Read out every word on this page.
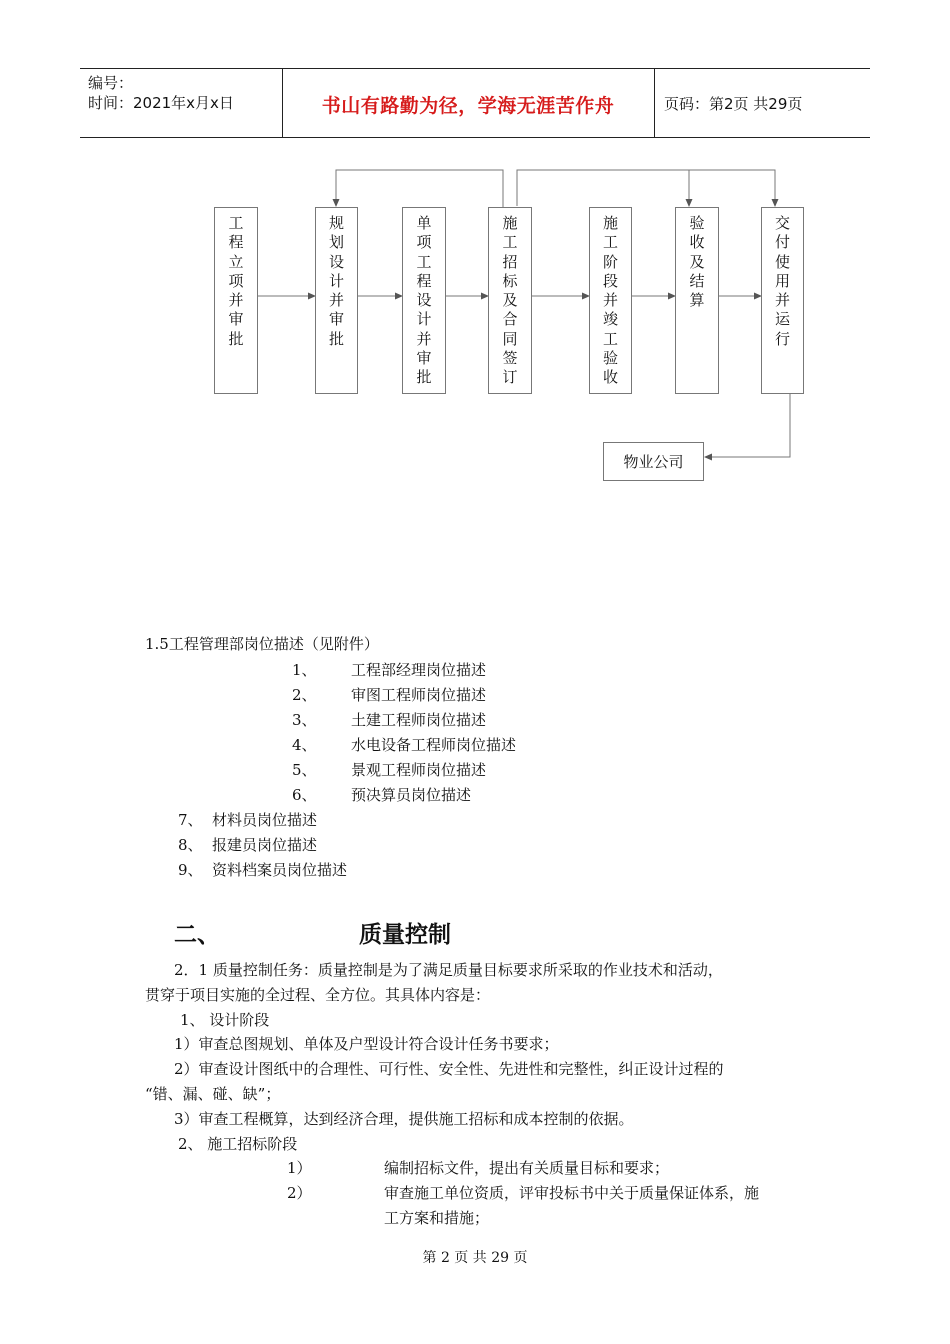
编号：
时间：2021年x月x日	书山有路勤为径，学海无涯苦作舟	页码：第2页 共29页
工
程
立
项
并
审
批
规
划
设
计
并
审
批
单
项
工
程
设
计
并
审
批
施
工
招
标
及
合
同
签
订
施
工
阶
段
并
竣
工
验
收
验
收
及
结
算
交
付
使
用
并
运
行
物业公司
1.5工程管理部岗位描述（见附件）
1、 工程部经理岗位描述
2、 审图工程师岗位描述
3、 土建工程师岗位描述
4、 水电设备工程师岗位描述
5、 景观工程师岗位描述
6、 预决算员岗位描述
7、 材料员岗位描述
8、 报建员岗位描述
9、 资料档案员岗位描述
二、	质量控制
2．1 质量控制任务：质量控制是为了满足质量目标要求所采取的作业技术和活动，
贯穿于项目实施的全过程、全方位。其具体内容是：
1、 设计阶段
1）审查总图规划、单体及户型设计符合设计任务书要求；
2）审查设计图纸中的合理性、可行性、安全性、先进性和完整性，纠正设计过程的
“错、漏、碰、缺”；
3）审查工程概算，达到经济合理，提供施工招标和成本控制的依据。
2、 施工招标阶段
1）	编制招标文件，提出有关质量目标和要求；
2）	审查施工单位资质，评审投标书中关于质量保证体系，施
工方案和措施；
第 2 页 共 29 页
